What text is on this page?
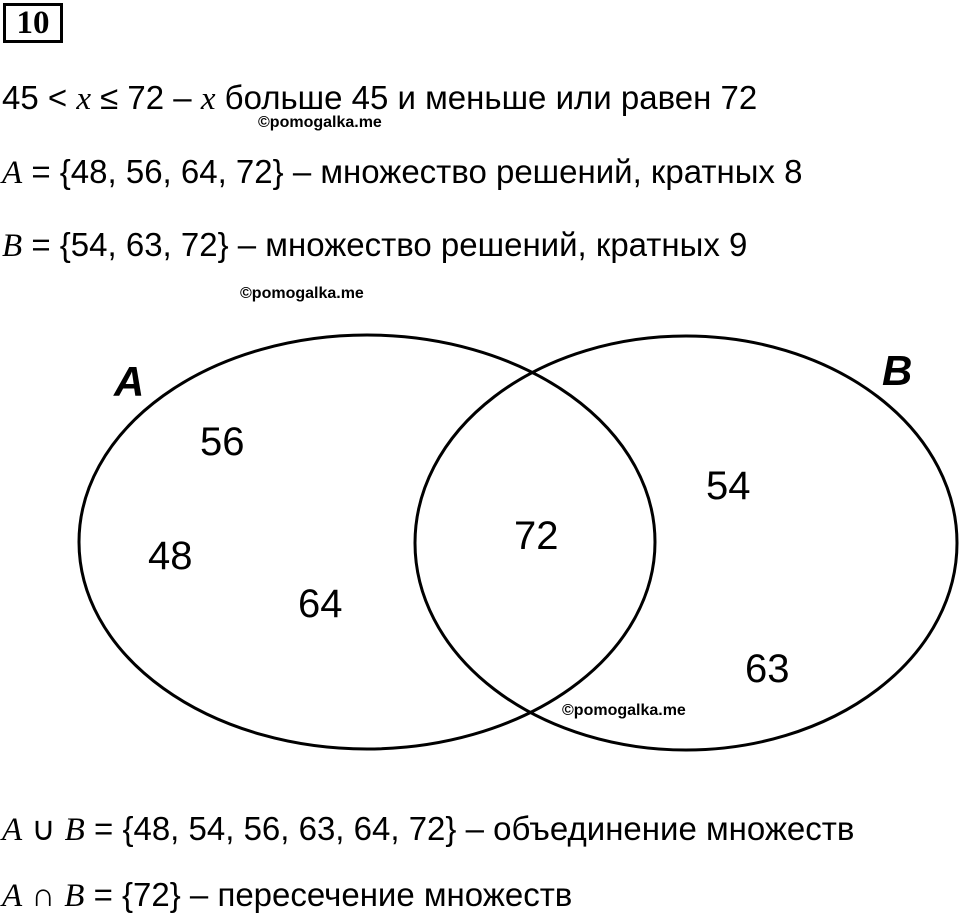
10
45 < x ≤ 72 – x больше 45 и меньше или равен 72
©pomogalka.me
A = {48, 56, 64, 72} – множество решений, кратных 8
B = {54, 63, 72} – множество решений, кратных 9
©pomogalka.me
A	B
56
48
64
72
54
63
©pomogalka.me
A ∪ B = {48, 54, 56, 63, 64, 72} – объединение множеств
A ∩ B = {72} – пересечение множеств
